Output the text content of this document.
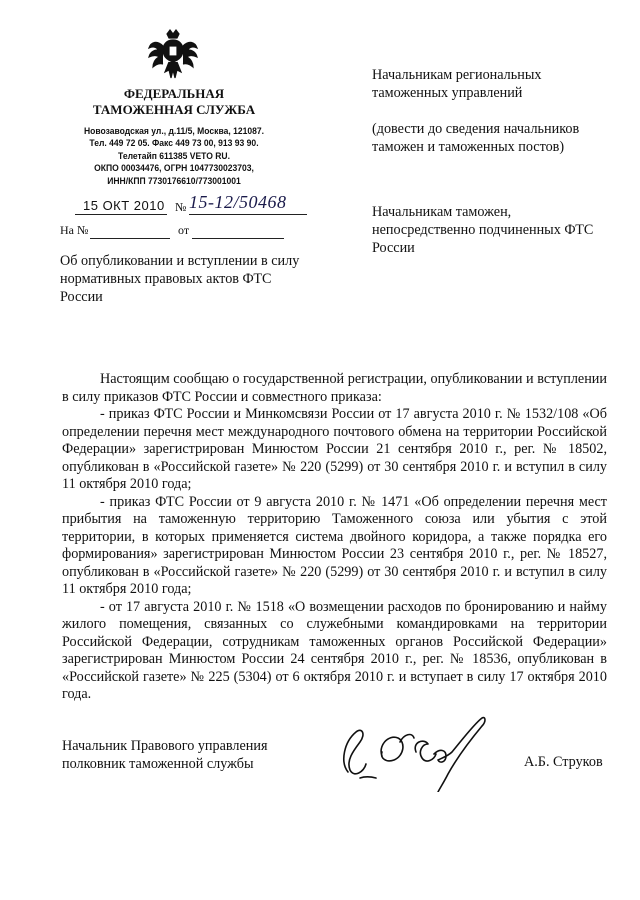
ФЕДЕРАЛЬНАЯ
ТАМОЖЕННАЯ СЛУЖБА
Новозаводская ул., д.11/5, Москва, 121087.
Тел. 449 72 05. Факс 449 73 00, 913 93 90.
Телетайп 611385 VETO RU.
ОКПО 00034476, ОГРН 1047730023703,
ИНН/КПП 7730176610/773001001
15 ОКТ 2010 № 15-12/50468
На №	от
Об опубликовании и вступлении в силу нормативных правовых актов ФТС России
Начальникам региональных таможенных управлений
(довести до сведения начальников таможен и таможенных постов)
Начальникам таможен, непосредственно подчиненных ФТС России

Настоящим сообщаю о государственной регистрации, опубликовании и вступлении в силу приказов ФТС России и совместного приказа:

- приказ ФТС России и Минкомсвязи России от 17 августа 2010 г. № 1532/108 «Об определении перечня мест международного почтового обмена на территории Российской Федерации» зарегистрирован Минюстом России 21 сентября 2010 г., рег. № 18502, опубликован в «Российской газете» № 220 (5299) от 30 сентября 2010 г. и вступил в силу 11 октября 2010 года;

- приказ ФТС России от 9 августа 2010 г. № 1471 «Об определении перечня мест прибытия на таможенную территорию Таможенного союза или убытия с этой территории, в которых применяется система двойного коридора, а также порядка его формирования» зарегистрирован Минюстом России 23 сентября 2010 г., рег. № 18527, опубликован в «Российской газете» № 220 (5299) от 30 сентября 2010 г. и вступил в силу 11 октября 2010 года;

- от 17 августа 2010 г. № 1518 «О возмещении расходов по бронированию и найму жилого помещения, связанных со служебными командировками на территории Российской Федерации, сотрудникам таможенных органов Российской Федерации» зарегистрирован Минюстом России 24 сентября 2010 г., рег. № 18536, опубликован в «Российской газете» № 225 (5304) от 6 октября 2010 г. и вступает в силу 17 октября 2010 года.

Начальник Правового управления
полковник таможенной службы	А.Б. Струков
